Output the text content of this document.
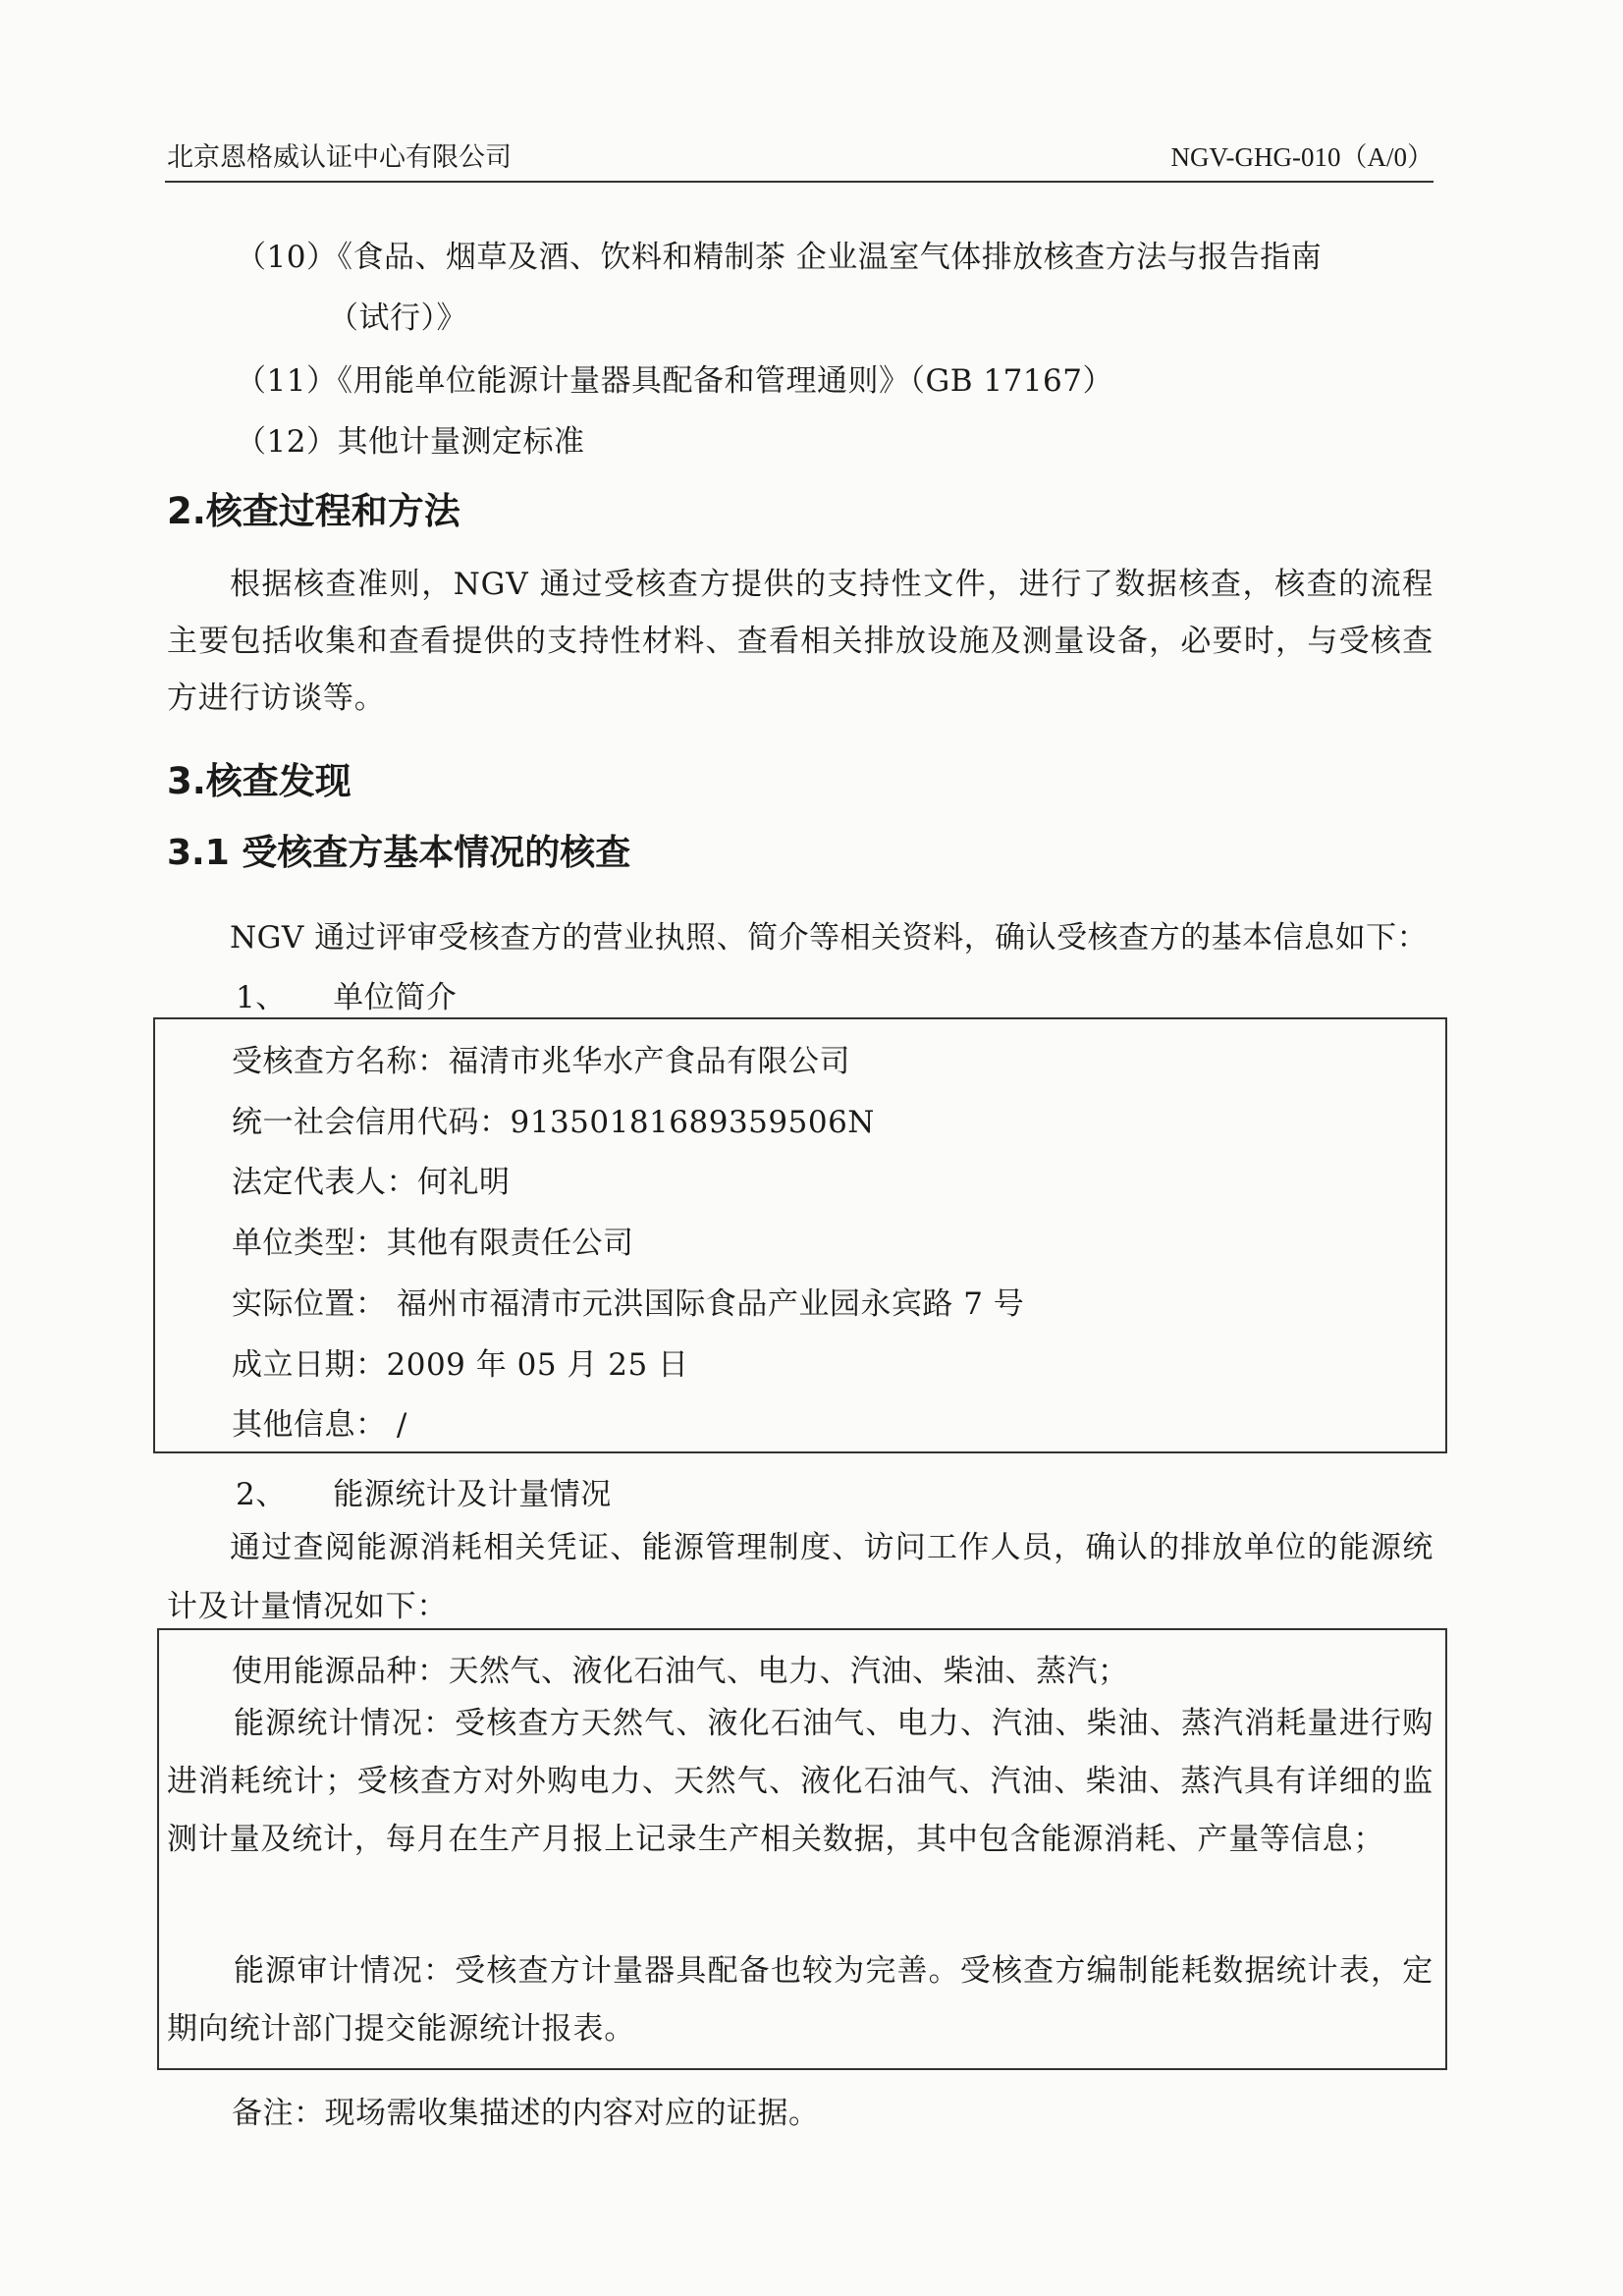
北京恩格威认证中心有限公司	NGV-GHG-010（A/0）
（10）《食品、烟草及酒、饮料和精制茶 企业温室气体排放核查方法与报告指南
（试行）》
（11）《用能单位能源计量器具配备和管理通则》（GB 17167）
（12）其他计量测定标准
2.核查过程和方法
根据核查准则，NGV 通过受核查方提供的支持性文件，进行了数据核查，核查的流程主要包括收集和查看提供的支持性材料、查看相关排放设施及测量设备，必要时，与受核查方进行访谈等。
3.核查发现
3.1 受核查方基本情况的核查
NGV 通过评审受核查方的营业执照、简介等相关资料，确认受核查方的基本信息如下：
1、　　单位简介
受核查方名称：福清市兆华水产食品有限公司
统一社会信用代码：91350181689359506N
法定代表人：何礼明
单位类型：其他有限责任公司
实际位置： 福州市福清市元洪国际食品产业园永宾路 7 号
成立日期：2009 年 05 月 25 日
其他信息： /
2、　　能源统计及计量情况
通过查阅能源消耗相关凭证、能源管理制度、访问工作人员，确认的排放单位的能源统计及计量情况如下：
使用能源品种：天然气、液化石油气、电力、汽油、柴油、蒸汽；
能源统计情况：受核查方天然气、液化石油气、电力、汽油、柴油、蒸汽消耗量进行购进消耗统计；受核查方对外购电力、天然气、液化石油气、汽油、柴油、蒸汽具有详细的监测计量及统计，每月在生产月报上记录生产相关数据，其中包含能源消耗、产量等信息；
能源审计情况：受核查方计量器具配备也较为完善。受核查方编制能耗数据统计表，定期向统计部门提交能源统计报表。
备注：现场需收集描述的内容对应的证据。
